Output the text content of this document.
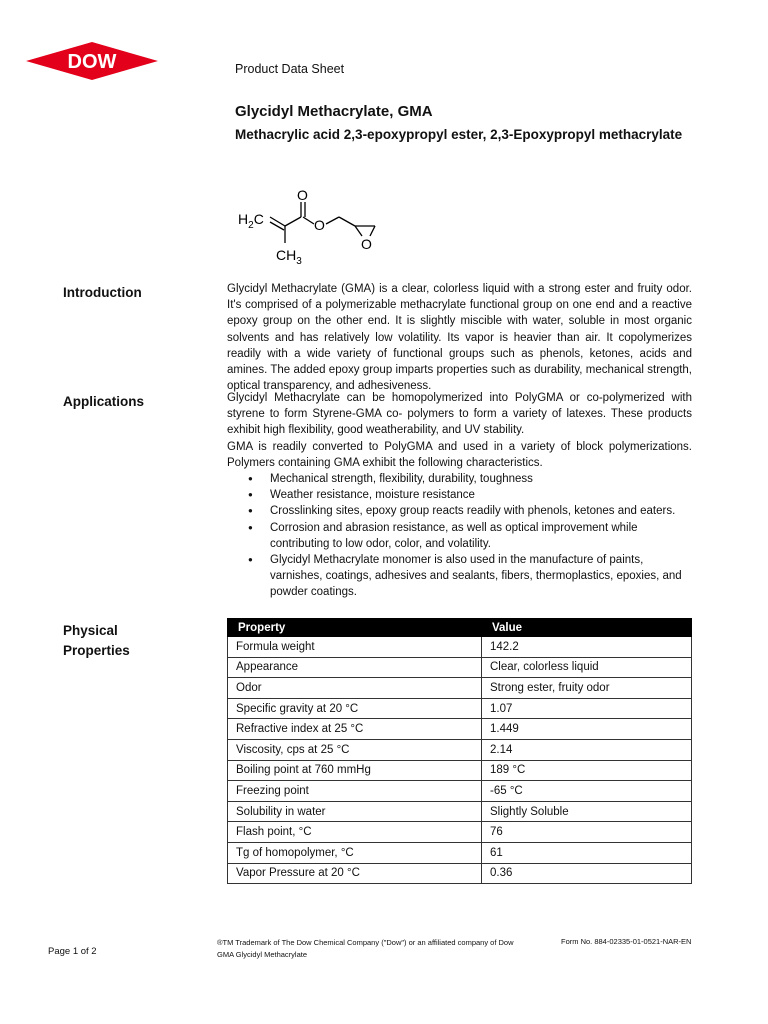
DOW	Product Data Sheet
Glycidyl Methacrylate, GMA
Methacrylic acid 2,3-epoxypropyl ester, 2,3-Epoxypropyl methacrylate
O
O
O
$H_2C$
$CH_3$
Introduction	Glycidyl Methacrylate (GMA) is a clear, colorless liquid with a strong ester and fruity odor. It's comprised of a polymerizable methacrylate functional group on one end and a reactive epoxy group on the other end. It is slightly miscible with water, soluble in most organic solvents and has relatively low volatility. Its vapor is heavier than air. It copolymerizes readily with a wide variety of functional groups such as phenols, ketones, acids and amines. The added epoxy group imparts properties such as durability, mechanical strength, optical transparency, and adhesiveness.

Applications	Glycidyl Methacrylate can be homopolymerized into PolyGMA or co-polymerized with styrene to form Styrene-GMA co- polymers to form a variety of latexes. These products exhibit high flexibility, good weatherability, and UV stability.

GMA is readily converted to PolyGMA and used in a variety of block polymerizations. Polymers containing GMA exhibit the following characteristics.

● Mechanical strength, flexibility, durability, toughness
● Weather resistance, moisture resistance
● Crosslinking sites, epoxy group reacts readily with phenols, ketones and eaters.
● Corrosion and abrasion resistance, as well as optical improvement while contributing to low odor, color, and volatility.
● Glycidyl Methacrylate monomer is also used in the manufacture of paints, varnishes, coatings, adhesives and sealants, fibers, thermoplastics, epoxies, and powder coatings.
Physical
Properties
Property	Value
Formula weight	142.2
Appearance	Clear, colorless liquid
Odor	Strong ester, fruity odor
Specific gravity at 20 °C	1.07
Refractive index at 25 °C	1.449
Viscosity, cps at 25 °C	2.14
Boiling point at 760 mmHg	189 °C
Freezing point	-65 °C
Solubility in water	Slightly Soluble
Flash point, °C	76
Tg of homopolymer, °C	61
Vapor Pressure at 20 °C	0.36
Page 1 of 2
®TM Trademark of The Dow Chemical Company ("Dow") or an affiliated company of Dow
GMA Glycidyl Methacrylate
Form No. 884-02335-01-0521-NAR-EN
